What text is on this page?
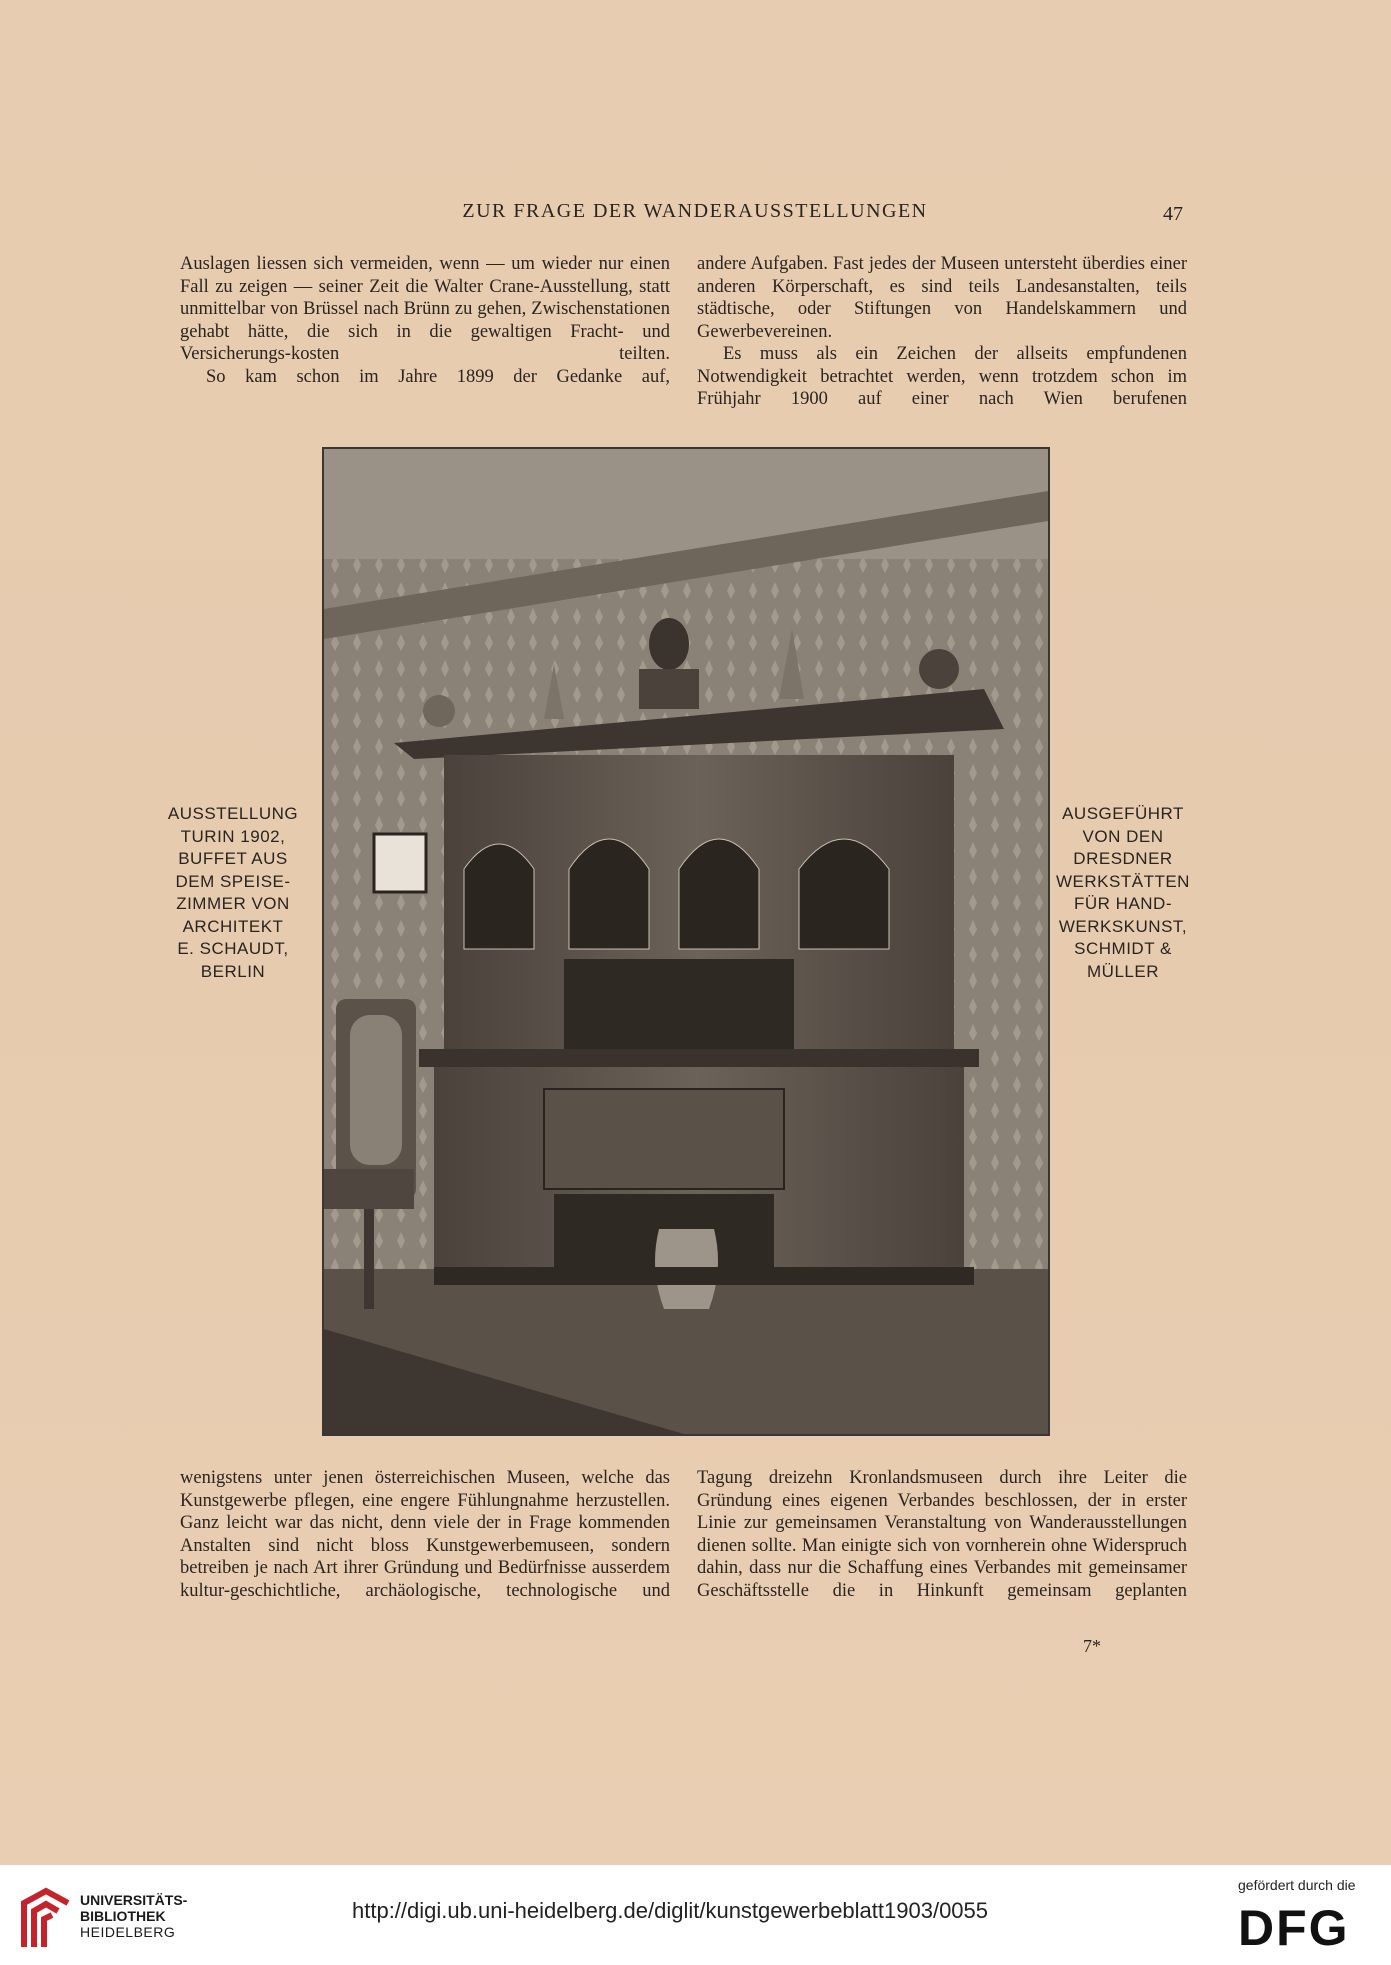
ZUR FRAGE DER WANDERAUSSTELLUNGEN	47

Auslagen liessen sich vermeiden, wenn — um wieder nur einen Fall zu zeigen — seiner Zeit die Walter Crane-Ausstellung, statt unmittelbar von Brüssel nach Brünn zu gehen, Zwischenstationen gehabt hätte, die sich in die gewaltigen Fracht- und Versicherungs-kosten teilten.

So kam schon im Jahre 1899 der Gedanke auf,

andere Aufgaben. Fast jedes der Museen untersteht überdies einer anderen Körperschaft, es sind teils Landesanstalten, teils städtische, oder Stiftungen von Handelskammern und Gewerbevereinen.

Es muss als ein Zeichen der allseits empfundenen Notwendigkeit betrachtet werden, wenn trotzdem schon im Frühjahr 1900 auf einer nach Wien berufenen

AUSSTELLUNG
TURIN 1902,
BUFFET AUS
DEM SPEISE-
ZIMMER VON
ARCHITEKT
E. SCHAUDT,
BERLIN
AUSGEFÜHRT
VON DEN
DRESDNER
WERKSTÄTTEN
FÜR HAND-
WERKSKUNST,
SCHMIDT &
MÜLLER

wenigstens unter jenen österreichischen Museen, welche das Kunstgewerbe pflegen, eine engere Fühlungnahme herzustellen. Ganz leicht war das nicht, denn viele der in Frage kommenden Anstalten sind nicht bloss Kunstgewerbemuseen, sondern betreiben je nach Art ihrer Gründung und Bedürfnisse ausserdem kultur-geschichtliche, archäologische, technologische und

Tagung dreizehn Kronlandsmuseen durch ihre Leiter die Gründung eines eigenen Verbandes beschlossen, der in erster Linie zur gemeinsamen Veranstaltung von Wanderausstellungen dienen sollte. Man einigte sich von vornherein ohne Widerspruch dahin, dass nur die Schaffung eines Verbandes mit gemeinsamer Geschäftsstelle die in Hinkunft gemeinsam geplanten

7*
UNIVERSITÄTS-
BIBLIOTHEK
HEIDELBERG
http://digi.ub.uni-heidelberg.de/diglit/kunstgewerbeblatt1903/0055
gefördert durch die
DFG
